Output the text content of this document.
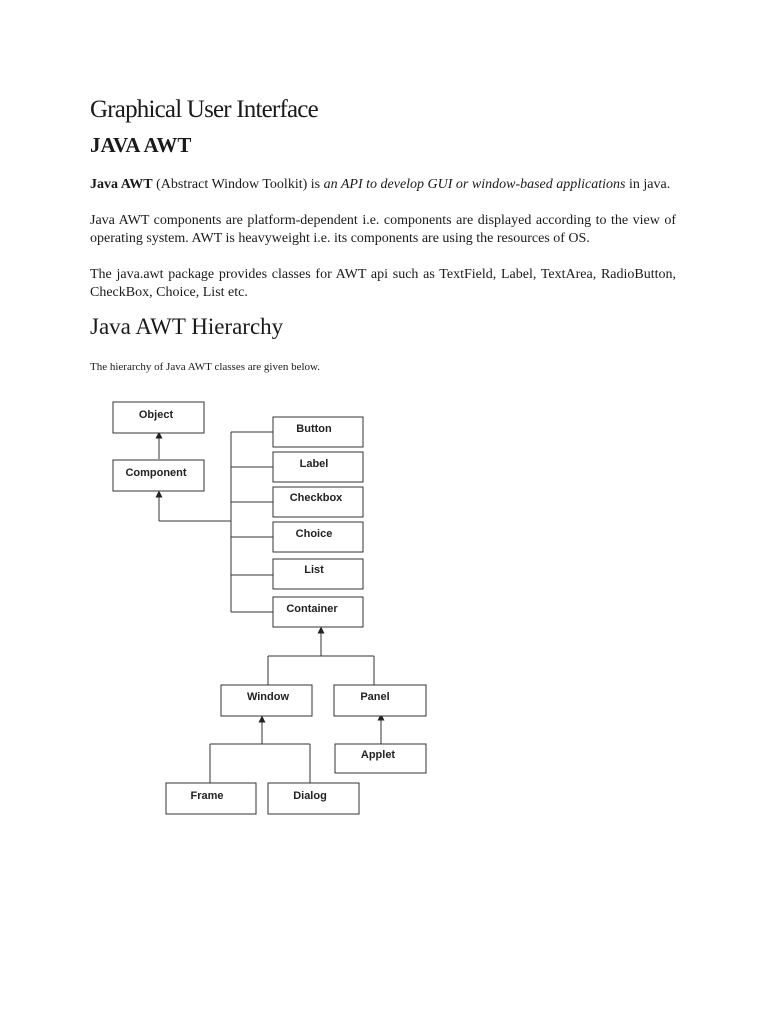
Graphical User Interface
JAVA AWT
Java AWT (Abstract Window Toolkit) is an API to develop GUI or window-based applications in java.
Java AWT components are platform-dependent i.e. components are displayed according to the view of operating system. AWT is heavyweight i.e. its components are using the resources of OS.
The java.awt package provides classes for AWT api such as TextField, Label, TextArea, RadioButton, CheckBox, Choice, List etc.
Java AWT Hierarchy
The hierarchy of Java AWT classes are given below.
Object
Component
Button
Label
Checkbox
Choice
List
Container
Window	Panel
Applet
Frame	Dialog
